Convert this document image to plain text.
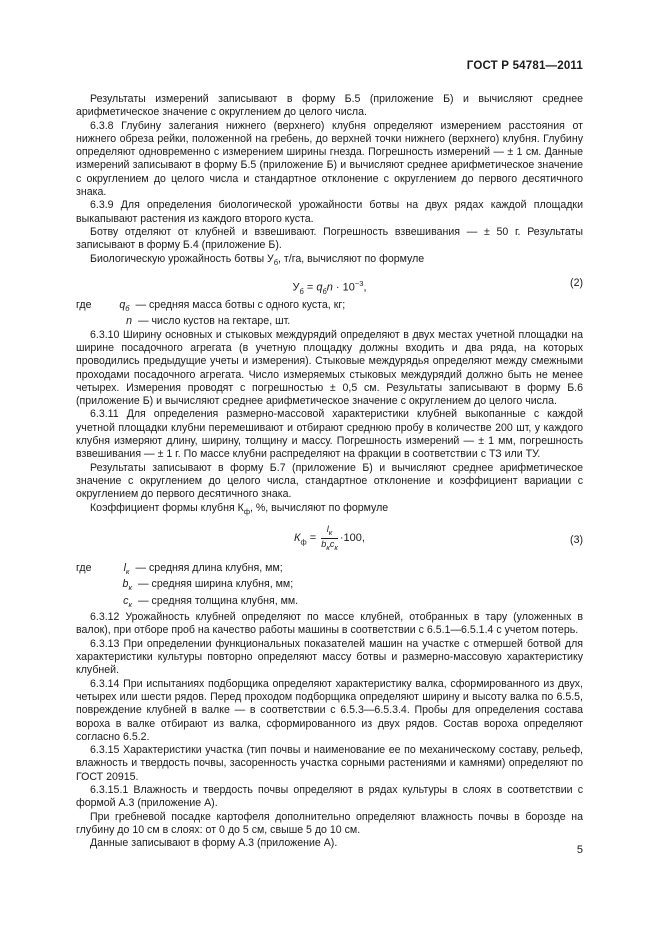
ГОСТ Р 54781—2011

Результаты измерений записывают в форму Б.5 (приложение Б) и вычисляют среднее арифметическое значение с округлением до целого числа.

6.3.8 Глубину залегания нижнего (верхнего) клубня определяют измерением расстояния от нижнего обреза рейки, положенной на гребень, до верхней точки нижнего (верхнего) клубня. Глубину определяют одновременно с измерением ширины гнезда. Погрешность измерений — ± 1 см. Данные измерений записывают в форму Б.5 (приложение Б) и вычисляют среднее арифметическое значение с округлением до целого числа и стандартное отклонение с округлением до первого десятичного знака.

6.3.9 Для определения биологической урожайности ботвы на двух рядах каждой площадки выкапывают растения из каждого второго куста.

Ботву отделяют от клубней и взвешивают. Погрешность взвешивания — ± 50 г. Результаты записывают в форму Б.4 (приложение Б).

Биологическую урожайность ботвы $У_б$, т/га, вычисляют по формуле

$У_б = q_бn \cdot 10^{-3}$,	(2)
где	$q_б$ — средняя масса ботвы с одного куста, кг;
n — число кустов на гектаре, шт.

6.3.10 Ширину основных и стыковых междурядий определяют в двух местах учетной площадки на ширине посадочного агрегата (в учетную площадку должны входить и два ряда, на которых проводились предыдущие учеты и измерения). Стыковые междурядья определяют между смежными проходами посадочного агрегата. Число измеряемых стыковых междурядий должно быть не менее четырех. Измерения проводят с погрешностью ± 0,5 см. Результаты записывают в форму Б.6 (приложение Б) и вычисляют среднее арифметическое значение с округлением до целого числа.

6.3.11 Для определения размерно-массовой характеристики клубней выкопанные с каждой учетной площадки клубни перемешивают и отбирают среднюю пробу в количестве 200 шт, у каждого клубня измеряют длину, ширину, толщину и массу. Погрешность измерений — ± 1 мм, погрешность взвешивания — ± 1 г. По массе клубни распределяют на фракции в соответствии с ТЗ или ТУ.

Результаты записывают в форму Б.7 (приложение Б) и вычисляют среднее арифметическое значение с округлением до целого числа, стандартное отклонение и коэффициент вариации с округлением до первого десятичного знака.

Коэффициент формы клубня $К_ф$, %, вычисляют по формуле

$К_ф = \frac{l_к}{b_кc_к} \cdot 100$,	(3)
где	$l_к$ — средняя длина клубня, мм;
$b_к$ — средняя ширина клубня, мм;
$c_к$ — средняя толщина клубня, мм.

6.3.12 Урожайность клубней определяют по массе клубней, отобранных в тару (уложенных в валок), при отборе проб на качество работы машины в соответствии с 6.5.1—6.5.1.4 с учетом потерь.

6.3.13 При определении функциональных показателей машин на участке с отмершей ботвой для характеристики культуры повторно определяют массу ботвы и размерно-массовую характеристику клубней.

6.3.14 При испытаниях подборщика определяют характеристику валка, сформированного из двух, четырех или шести рядов. Перед проходом подборщика определяют ширину и высоту валка по 6.5.5, повреждение клубней в валке — в соответствии с 6.5.3—6.5.3.4. Пробы для определения состава вороха в валке отбирают из валка, сформированного из двух рядов. Состав вороха определяют согласно 6.5.2.

6.3.15 Характеристики участка (тип почвы и наименование ее по механическому составу, рельеф, влажность и твердость почвы, засоренность участка сорными растениями и камнями) определяют по ГОСТ 20915.

6.3.15.1 Влажность и твердость почвы определяют в рядах культуры в слоях в соответствии с формой А.3 (приложение А).

При гребневой посадке картофеля дополнительно определяют влажность почвы в борозде на глубину до 10 см в слоях: от 0 до 5 см, свыше 5 до 10 см.

Данные записывают в форму А.3 (приложение А).

5
